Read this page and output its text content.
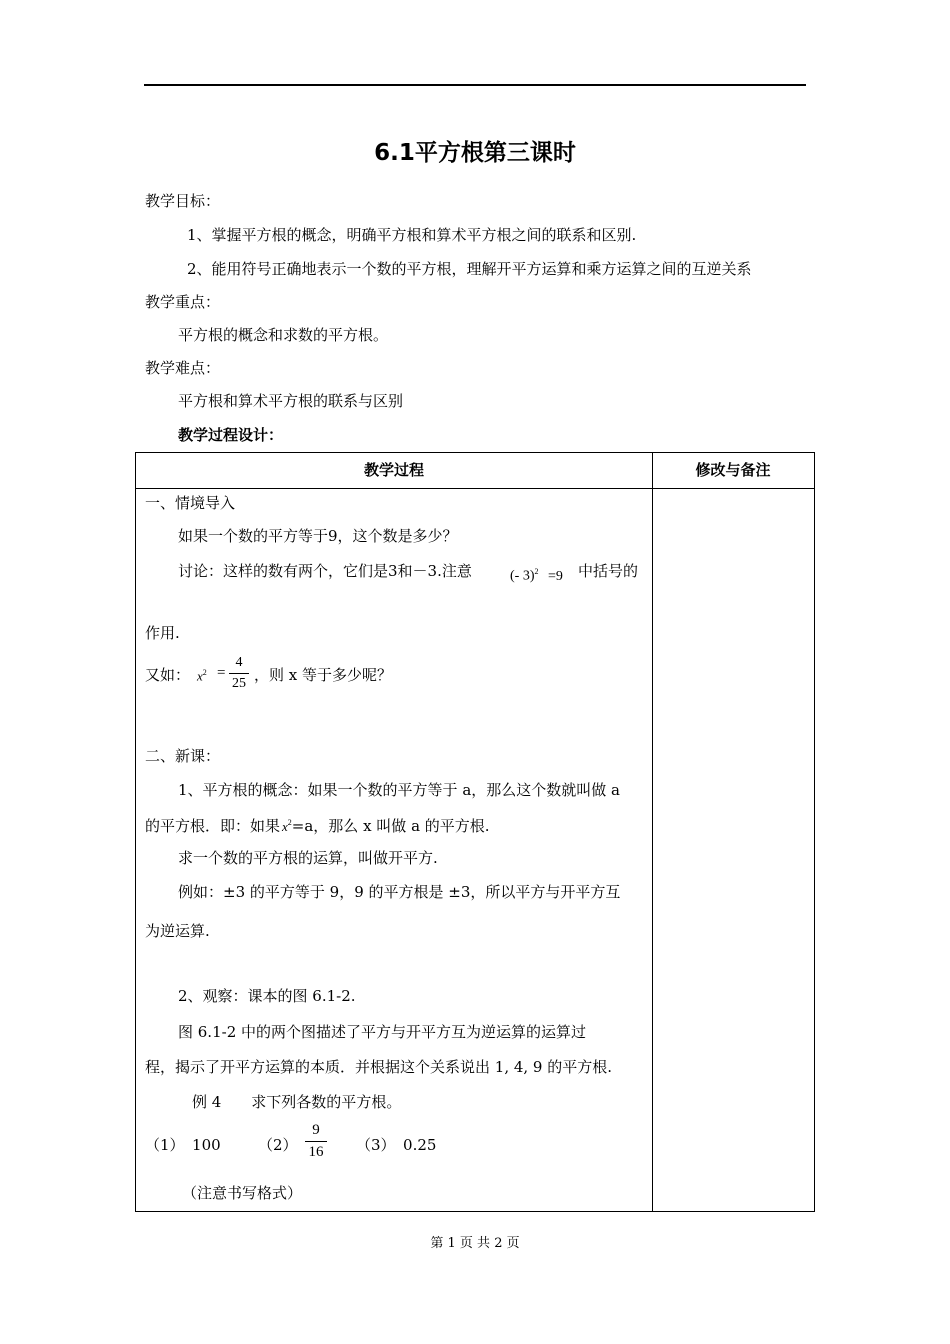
6.1平方根第三课时
教学目标：
1、掌握平方根的概念，明确平方根和算术平方根之间的联系和区别.
2、能用符号正确地表示一个数的平方根，理解开平方运算和乘方运算之间的互逆关系
教学重点：
平方根的概念和求数的平方根。
教学难点：
平方根和算术平方根的联系与区别
教学过程设计：
教学过程	修改与备注
一、情境导入
如果一个数的平方等于9，这个数是多少？
讨论：这样的数有两个，它们是3和－3.注意	(- 3)$^2$ =9 中括号的
作用.
又如： $x^2$ =
4
25 ，则 x 等于多少呢？
二、新课：
1、平方根的概念：如果一个数的平方等于 a，那么这个数就叫做 a
的平方根．即：如果 $x^2=a$，那么 x 叫做 a 的平方根.
求一个数的平方根的运算，叫做开平方.
例如：±3 的平方等于 9，9 的平方根是 ±3，所以平方与开平方互
为逆运算.
2、观察：课本的图 6.1-2.
图 6.1-2 中的两个图描述了平方与开平方互为逆运算的运算过
程，揭示了开平方运算的本质．并根据这个关系说出 1, 4, 9 的平方根.
例 4　　求下列各数的平方根。
（1）　100 （2）
9
16 （3）　0.25
（注意书写格式）
第 1 页 共 2 页
